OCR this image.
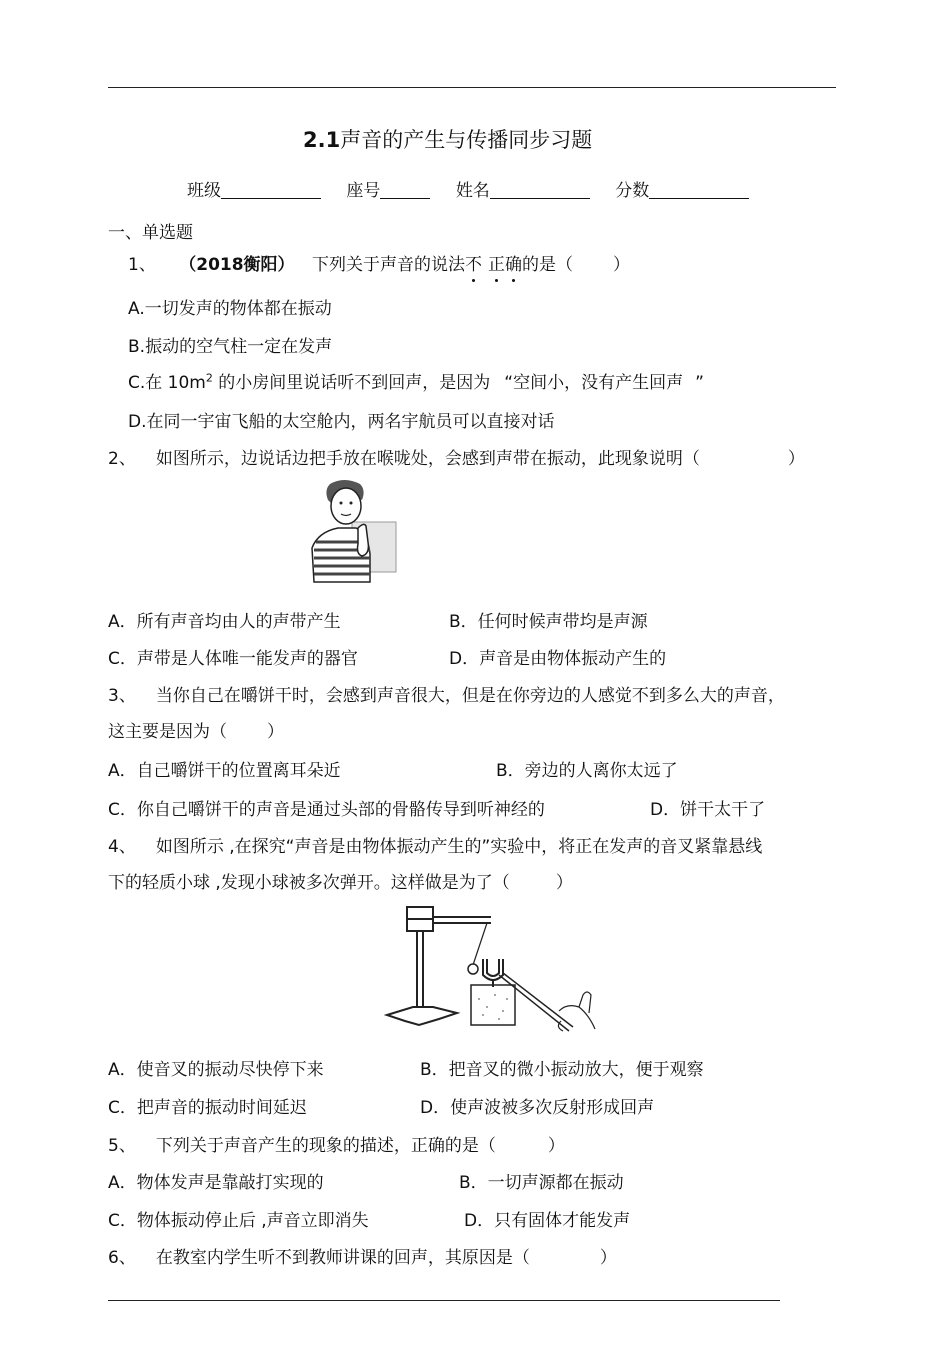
2.1声音的产生与传播同步习题
班级	座号	姓名	分数
一、单选题
1、 （2018衡阳） 下列关于声音的说法不 正确的是（ ）
A.一切发声的物体都在振动
B.振动的空气柱一定在发声
C.在 $10m^2$ 的小房间里说话听不到回声，是因为 “空间小，没有产生回声 ”
D.在同一宇宙飞船的太空舱内，两名宇航员可以直接对话
2、 如图所示，边说话边把手放在喉咙处，会感到声带在振动，此现象说明（	）
A．所有声音均由人的声带产生	B．任何时候声带均是声源
C．声带是人体唯一能发声的器官	D．声音是由物体振动产生的
3、 当你自己在嚼饼干时，会感到声音很大，但是在你旁边的人感觉不到多么大的声音，
这主要是因为（ ）
A．自己嚼饼干的位置离耳朵近	B．旁边的人离你太远了
C．你自己嚼饼干的声音是通过头部的骨骼传导到听神经的	D．饼干太干了
4、 如图所示 ,在探究“声音是由物体振动产生的”实验中，将正在发声的音叉紧靠悬线
下的轻质小球 ,发现小球被多次弹开。这样做是为了（	）
A．使音叉的振动尽快停下来	B．把音叉的微小振动放大，便于观察
C．把声音的振动时间延迟	D．使声波被多次反射形成回声
5、 下列关于声音产生的现象的描述，正确的是（	）
A．物体发声是靠敲打实现的	B．一切声源都在振动
C．物体振动停止后 ,声音立即消失	D．只有固体才能发声
6、 在教室内学生听不到教师讲课的回声，其原因是（	）
